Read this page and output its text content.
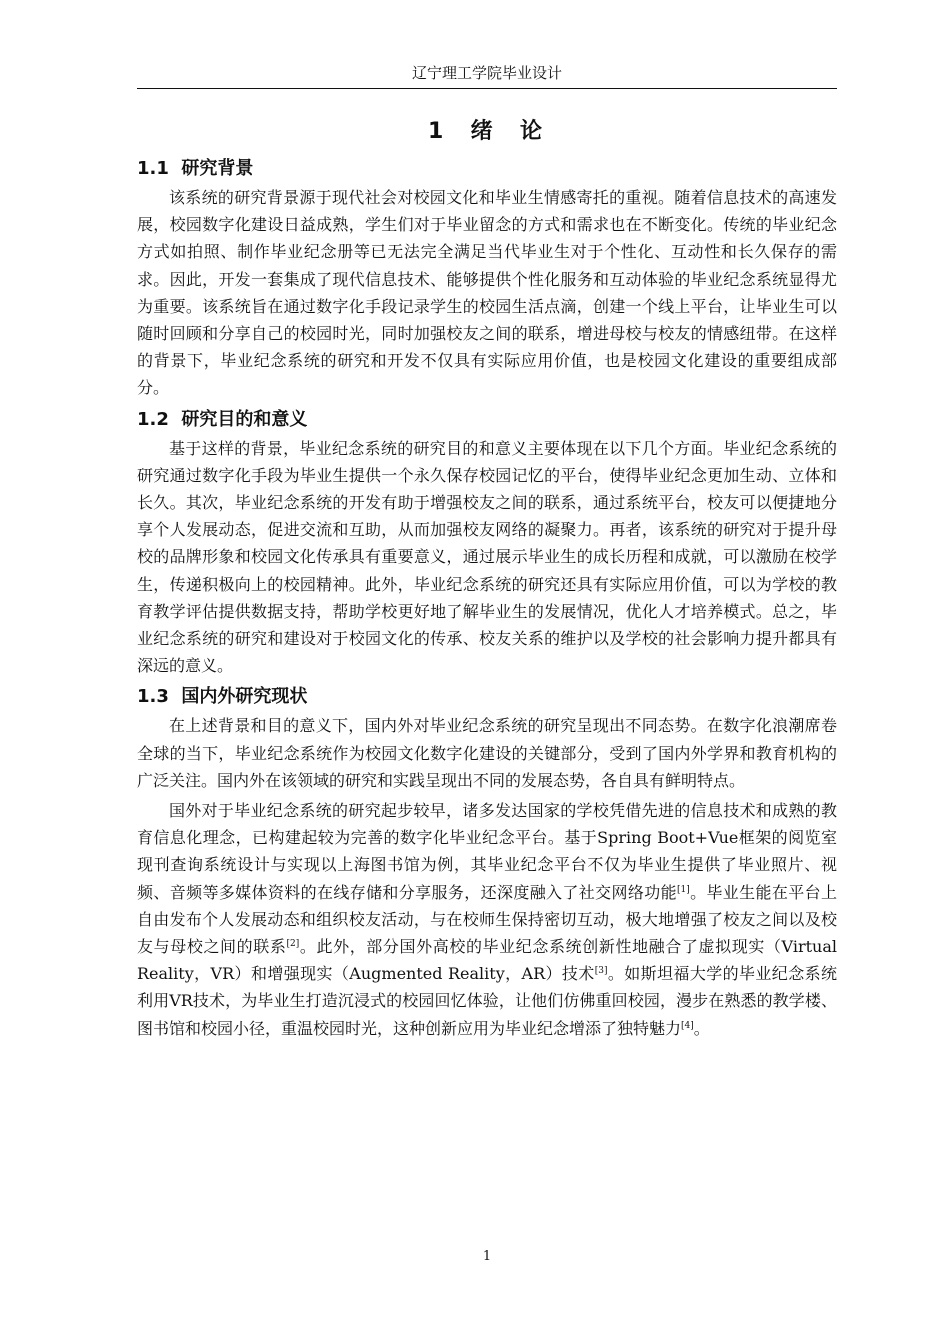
辽宁理工学院毕业设计
1  绪  论
1.1  研究背景

该系统的研究背景源于现代社会对校园文化和毕业生情感寄托的重视。随着信息技术的高速发展，校园数字化建设日益成熟，学生们对于毕业留念的方式和需求也在不断变化。传统的毕业纪念方式如拍照、制作毕业纪念册等已无法完全满足当代毕业生对于个性化、互动性和长久保存的需求。因此，开发一套集成了现代信息技术、能够提供个性化服务和互动体验的毕业纪念系统显得尤为重要。该系统旨在通过数字化手段记录学生的校园生活点滴，创建一个线上平台，让毕业生可以随时回顾和分享自己的校园时光，同时加强校友之间的联系，增进母校与校友的情感纽带。在这样的背景下，毕业纪念系统的研究和开发不仅具有实际应用价值，也是校园文化建设的重要组成部分。

1.2  研究目的和意义

基于这样的背景，毕业纪念系统的研究目的和意义主要体现在以下几个方面。毕业纪念系统的研究通过数字化手段为毕业生提供一个永久保存校园记忆的平台，使得毕业纪念更加生动、立体和长久。其次，毕业纪念系统的开发有助于增强校友之间的联系，通过系统平台，校友可以便捷地分享个人发展动态，促进交流和互助，从而加强校友网络的凝聚力。再者，该系统的研究对于提升母校的品牌形象和校园文化传承具有重要意义，通过展示毕业生的成长历程和成就，可以激励在校学生，传递积极向上的校园精神。此外，毕业纪念系统的研究还具有实际应用价值，可以为学校的教育教学评估提供数据支持，帮助学校更好地了解毕业生的发展情况，优化人才培养模式。总之，毕业纪念系统的研究和建设对于校园文化的传承、校友关系的维护以及学校的社会影响力提升都具有深远的意义。

1.3  国内外研究现状

在上述背景和目的意义下，国内外对毕业纪念系统的研究呈现出不同态势。在数字化浪潮席卷全球的当下，毕业纪念系统作为校园文化数字化建设的关键部分，受到了国内外学界和教育机构的广泛关注。国内外在该领域的研究和实践呈现出不同的发展态势，各自具有鲜明特点。

国外对于毕业纪念系统的研究起步较早，诸多发达国家的学校凭借先进的信息技术和成熟的教育信息化理念，已构建起较为完善的数字化毕业纪念平台。基于Spring Boot+Vue框架的阅览室现刊查询系统设计与实现以上海图书馆为例，其毕业纪念平台不仅为毕业生提供了毕业照片、视频、音频等多媒体资料的在线存储和分享服务，还深度融入了社交网络功能[1]。毕业生能在平台上自由发布个人发展动态和组织校友活动，与在校师生保持密切互动，极大地增强了校友之间以及校友与母校之间的联系[2]。此外，部分国外高校的毕业纪念系统创新性地融合了虚拟现实（Virtual Reality，VR）和增强现实（Augmented Reality，AR）技术[3]。如斯坦福大学的毕业纪念系统利用VR技术，为毕业生打造沉浸式的校园回忆体验，让他们仿佛重回校园，漫步在熟悉的教学楼、图书馆和校园小径，重温校园时光，这种创新应用为毕业纪念增添了独特魅力[4]。

1
